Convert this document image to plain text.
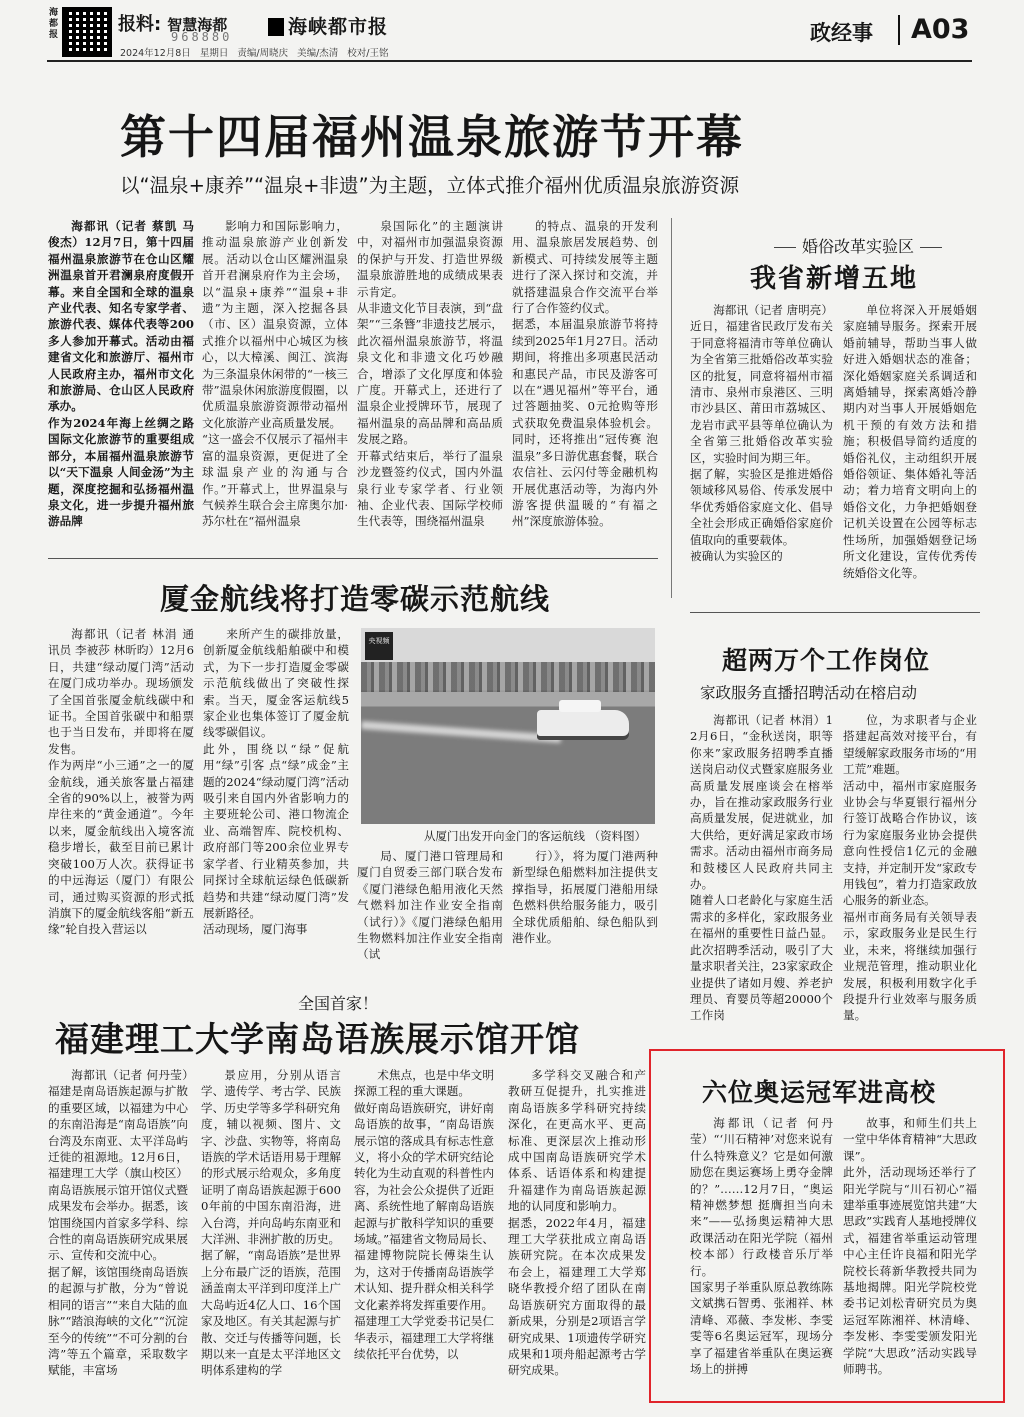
海都报	报料: 智慧海都
968880	海峡都市报
2024年12月8日 星期日 责编/周晓庆 美编/杰清 校对/王铭
政经事 A03
第十四届福州温泉旅游节开幕
以“温泉+康养”“温泉+非遗”为主题，立体式推介福州优质温泉旅游资源
海都讯（记者 蔡凯 马俊杰）12月7日，第十四届福州温泉旅游节在仓山区耀洲温泉首开君澜泉府度假开幕。来自全国和全球的温泉产业代表、知名专家学者、旅游代表、媒体代表等200多人参加开幕式。活动由福建省文化和旅游厅、福州市人民政府主办，福州市文化和旅游局、仓山区人民政府承办。
作为2024年海上丝绸之路国际文化旅游节的重要组成部分，本届福州温泉旅游节以“天下温泉 人间金汤”为主题，深度挖掘和弘扬福州温泉文化，进一步提升福州旅游品牌
影响力和国际影响力，推动温泉旅游产业创新发展。活动以仓山区耀洲温泉首开君澜泉府作为主会场，以“温泉+康养”“温泉+非遗”为主题，深入挖掘各县（市、区）温泉资源，立体式推介以福州中心城区为核心，以大樟溪、闽江、滨海为三条温泉休闲带的“一核三带”温泉休闲旅游度假圈，以优质温泉旅游资源带动福州文化旅游产业高质量发展。
“这一盛会不仅展示了福州丰富的温泉资源，更促进了全球温泉产业的沟通与合作。”开幕式上，世界温泉与气候养生联合会主席奥尔加·苏尔杜在“福州温泉
泉国际化”的主题演讲中，对福州市加强温泉资源的保护与开发、打造世界级温泉旅游胜地的成绩成果表示肯定。
从非遗文化节目表演，到“盘架”“三条簪”非遗技艺展示，此次福州温泉旅游节，将温泉文化和非遗文化巧妙融合，增添了文化厚度和体验广度。开幕式上，还进行了温泉企业授牌环节，展现了福州温泉的高品牌和高品质发展之路。
开幕式结束后，举行了温泉沙龙暨签约仪式，国内外温泉行业专家学者、行业领袖、企业代表、国际学校师生代表等，围绕福州温泉
的特点、温泉的开发利用、温泉旅居发展趋势、创新模式、可持续发展等主题进行了深入探讨和交流，并就搭建温泉合作交流平台举行了合作签约仪式。
据悉，本届温泉旅游节将持续到2025年1月27日。活动期间，将推出多项惠民活动和惠民产品，市民及游客可以在“遇见福州”等平台，通过答题抽奖、0元抢购等形式获取免费温泉体验机会。同时，还将推出“冠传赛 泡温泉”多日游优惠套餐，联合农信社、云闪付等金融机构开展优惠活动等，为海内外游客提供温暖的“有福之州”深度旅游体验。
婚俗改革实验区
我省新增五地
海都讯（记者 唐明亮）近日，福建省民政厅发布关于同意将福清市等单位确认为全省第三批婚俗改革实验区的批复，同意将福州市福清市、泉州市泉港区、三明市沙县区、莆田市荔城区、龙岩市武平县等单位确认为全省第三批婚俗改革实验区，实验时间为期三年。
据了解，实验区是推进婚俗领域移风易俗、传承发展中华优秀婚俗家庭文化、倡导全社会形成正确婚俗家庭价值取向的重要载体。
被确认为实验区的
单位将深入开展婚姻家庭辅导服务。探索开展婚前辅导，帮助当事人做好进入婚姻状态的准备；深化婚姻家庭关系调适和离婚辅导，探索离婚冷静期内对当事人开展婚姻危机干预的有效方法和措施；积极倡导简约适度的婚俗礼仪，主动组织开展婚俗领证、集体婚礼等活动；着力培育文明向上的婚俗文化，力争把婚姻登记机关设置在公园等标志性场所，加强婚姻登记场所文化建设，宣传优秀传统婚俗文化等。
厦金航线将打造零碳示范航线
海都讯（记者 林涓 通讯员 李被莎 林昕昀）12月6日，共建“绿动厦门湾”活动在厦门成功举办。现场颁发了全国首张厦金航线碳中和证书。全国首张碳中和船票也于当日发布，并即将在厦发售。
作为两岸“小三通”之一的厦金航线，通关旅客量占福建全省的90%以上，被誉为两岸往来的“黄金通道”。今年以来，厦金航线出入境客流稳步增长，截至目前已累计突破100万人次。获得证书的中远海运（厦门）有限公司，通过购买资源的形式抵消旗下的厦金航线客船“新五缘”轮自投入营运以
来所产生的碳排放量，创新厦金航线船舶碳中和模式，为下一步打造厦金零碳示范航线做出了突破性探索。当天，厦金客运航线5家企业也集体签订了厦金航线零碳倡议。
此外，围绕以“绿”促航 用“绿”引客 点“绿”成金”主题的2024“绿动厦门湾”活动吸引来自国内外省影响力的主要班轮公司、港口物流企业、高端智库、院校机构、政府部门等200余位业界专家学者、行业精英参加，共同探讨全球航运绿色低碳新趋势和共建“绿动厦门湾”发展新路径。
活动现场，厦门海事
央视频
从厦门出发开向金门的客运航线 （资料图）
局、厦门港口管理局和厦门自贸委三部门联合发布《厦门港绿色船用液化天然气燃料加注作业安全指南（试行）》《厦门港绿色船用生物燃料加注作业安全指南（试
行）》，将为厦门港两种新型绿色船燃料加注提供支撑指导，拓展厦门港船用绿色燃料供给服务能力，吸引全球优质船舶、绿色船队到港作业。
超两万个工作岗位
家政服务直播招聘活动在榕启动
海都讯（记者 林涓）12月6日，“金秋送岗，职等你来”家政服务招聘季直播送岗启动仪式暨家庭服务业高质量发展座谈会在榕举办，旨在推动家政服务行业高质量发展，促进就业，加大供给，更好满足家政市场需求。活动由福州市商务局和鼓楼区人民政府共同主办。
随着人口老龄化与家庭生活需求的多样化，家政服务业在福州的重要性日益凸显。此次招聘季活动，吸引了大量求职者关注，23家家政企业提供了诸如月嫂、养老护理员、育婴员等超20000个工作岗
位，为求职者与企业搭建起高效对接平台，有望缓解家政服务市场的“用工荒”难题。
活动中，福州市家庭服务业协会与华夏银行福州分行签订战略合作协议，该行为家庭服务业协会提供意向性授信1亿元的金融支持，并定制开发“家政专用钱包”，着力打造家政放心服务的新业态。
福州市商务局有关领导表示，家政服务业是民生行业，未来，将继续加强行业规范管理，推动职业化发展，积极利用数字化手段提升行业效率与服务质量。
全国首家！
福建理工大学南岛语族展示馆开馆
海都讯（记者 何丹莹）福建是南岛语族起源与扩散的重要区域，以福建为中心的东南沿海是“南岛语族”向台湾及东南亚、太平洋岛屿迁徙的祖源地。12月6日，福建理工大学（旗山校区）南岛语族展示馆开馆仪式暨成果发布会举办。据悉，该馆围绕国内首家多学科、综合性的南岛语族研究成果展示、宣传和交流中心。
据了解，该馆围绕南岛语族的起源与扩散，分为“曾说相同的语言”“来自大陆的血脉”“踏浪海峡的文化”“沉淀至今的传统”“不可分割的台湾”等五个篇章，采取数字赋能，丰富场
景应用，分别从语言学、遗传学、考古学、民族学、历史学等多学科研究角度，辅以视频、图片、文字、沙盘、实物等，将南岛语族的学术话语用易于理解的形式展示给观众，多角度证明了南岛语族起源于6000年前的中国东南沿海，进入台湾，并向岛屿东南亚和大洋洲、非洲扩散的历史。
据了解，“南岛语族”是世界上分布最广泛的语族，范围涵盖南太平洋到印度洋上广大岛屿近4亿人口、16个国家及地区。有关其起源与扩散、交迁与传播等问题，长期以来一直是太平洋地区文明体系建构的学
术焦点，也是中华文明探源工程的重大课题。
做好南岛语族研究，讲好南岛语族的故事，“南岛语族展示馆的落成具有标志性意义，将小众的学术研究结论转化为生动直观的科普性内容，为社会公众提供了近距离、系统性地了解南岛语族起源与扩散科学知识的重要场域。”福建省文物局局长、福建博物院院长傅柒生认为，这对于传播南岛语族学术认知、提升群众相关科学文化素养将发挥重要作用。
福建理工大学党委书记吴仁华表示，福建理工大学将继续依托平台优势，以
多学科交叉融合和产教研互促提升，扎实推进南岛语族多学科研究持续深化，在更高水平、更高标准、更深层次上推动形成中国南岛语族研究学术体系、话语体系和构建提升福建作为南岛语族起源地的认同度和影响力。
据悉，2022年4月，福建理工大学获批成立南岛语族研究院。在本次成果发布会上，福建理工大学郑晓华教授介绍了团队在南岛语族研究方面取得的最新成果，分别是2项语言学研究成果、1项遗传学研究成果和1项舟船起源考古学研究成果。
六位奥运冠军进高校
海都讯（记者 何丹莹）“‘川石精神’对您来说有什么特殊意义？它是如何激励您在奥运赛场上勇夺金牌的？”……12月7日，“奥运精神燃梦想 挺膺担当向未来”——弘扬奥运精神大思政课活动在阳光学院（福州校本部）行政楼音乐厅举行。
国家男子举重队原总教练陈文斌携石智勇、张湘祥、林清峰、邓薇、李发彬、李雯雯等6名奥运冠军，现场分享了福建省举重队在奥运赛场上的拼搏
故事，和师生们共上一堂中华体育精神“大思政课”。
此外，活动现场还举行了阳光学院与“川石初心”福建举重事迹展览馆共建“大思政”实践育人基地授牌仪式，福建省举重运动管理中心主任许良福和阳光学院校长蒋新华教授共同为基地揭牌。阳光学院校党委书记刘松青研究员为奥运冠军陈湘祥、林清峰、李发彬、李雯雯颁发阳光学院“大思政”活动实践导师聘书。
